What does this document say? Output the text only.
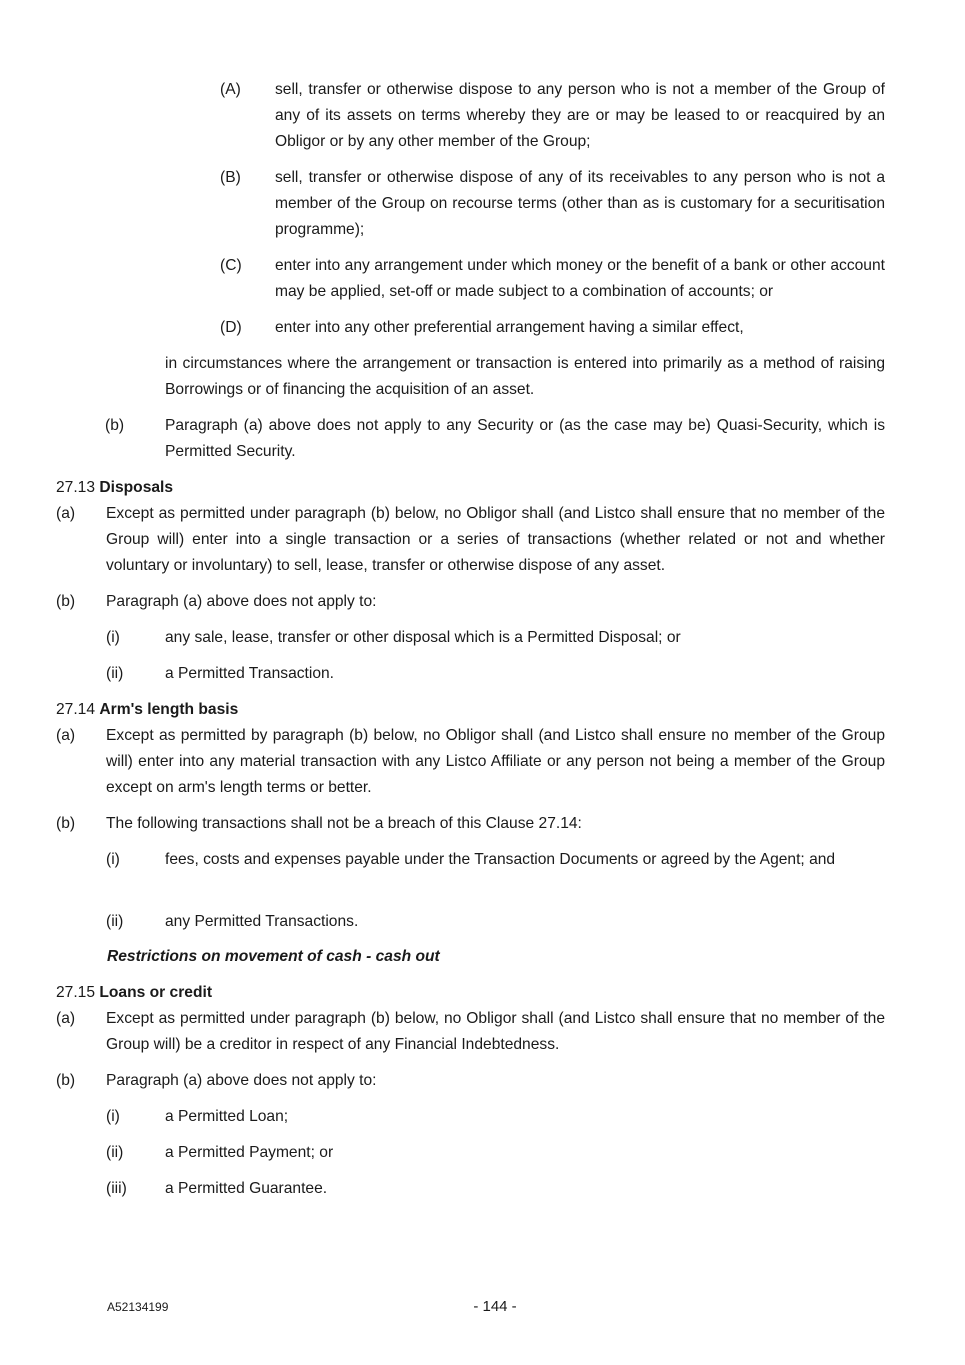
(A) sell, transfer or otherwise dispose to any person who is not a member of the Group of any of its assets on terms whereby they are or may be leased to or reacquired by an Obligor or by any other member of the Group;
(B) sell, transfer or otherwise dispose of any of its receivables to any person who is not a member of the Group on recourse terms (other than as is customary for a securitisation programme);
(C) enter into any arrangement under which money or the benefit of a bank or other account may be applied, set-off or made subject to a combination of accounts; or
(D) enter into any other preferential arrangement having a similar effect,
in circumstances where the arrangement or transaction is entered into primarily as a method of raising Borrowings or of financing the acquisition of an asset.
(b)	Paragraph (a) above does not apply to any Security or (as the case may be) Quasi-Security, which is Permitted Security.
27.13 Disposals
(a) Except as permitted under paragraph (b) below, no Obligor shall (and Listco shall ensure that no member of the Group will) enter into a single transaction or a series of transactions (whether related or not and whether voluntary or involuntary) to sell, lease, transfer or otherwise dispose of any asset.
(b) Paragraph (a) above does not apply to:
(i)	any sale, lease, transfer or other disposal which is a Permitted Disposal; or
(ii)	a Permitted Transaction.
27.14 Arm's length basis
(a) Except as permitted by paragraph (b) below, no Obligor shall (and Listco shall ensure no member of the Group will) enter into any material transaction with any Listco Affiliate or any person not being a member of the Group except on arm's length terms or better.
(b) The following transactions shall not be a breach of this Clause 27.14:
(i)	fees, costs and expenses payable under the Transaction Documents or agreed by the Agent; and
(ii)	any Permitted Transactions.
Restrictions on movement of cash - cash out
27.15 Loans or credit
(a) Except as permitted under paragraph (b) below, no Obligor shall (and Listco shall ensure that no member of the Group will) be a creditor in respect of any Financial Indebtedness.
(b) Paragraph (a) above does not apply to:
(i)	a Permitted Loan;
(ii)	a Permitted Payment; or
(iii) a Permitted Guarantee.
A52134199	- 144 -
